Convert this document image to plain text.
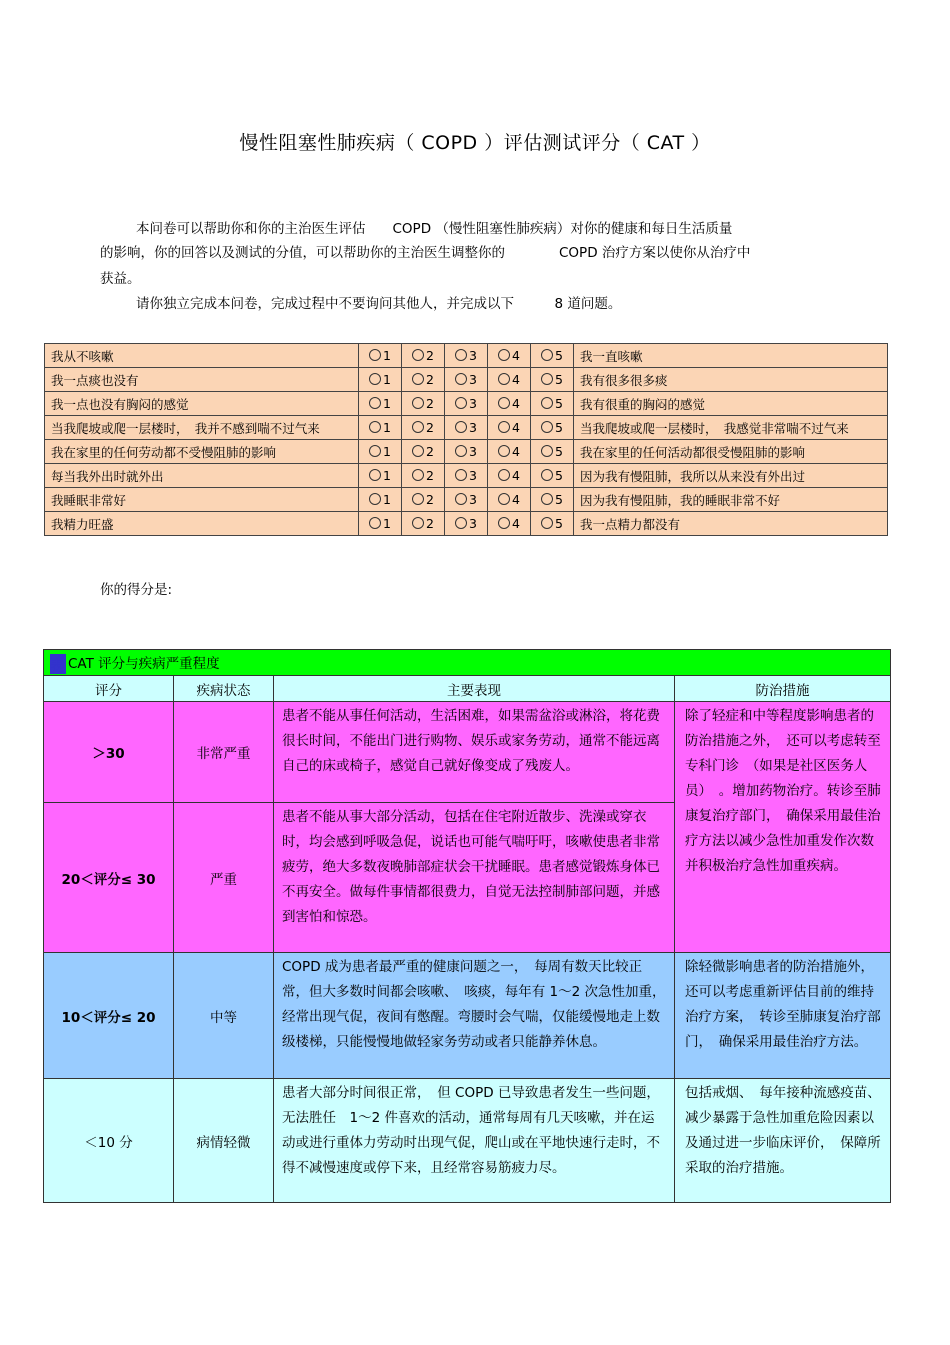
慢性阻塞性肺疾病（ COPD ）评估测试评分（ CAT ）
本问卷可以帮助你和你的主治医生评估　　COPD （慢性阻塞性肺疾病）对你的健康和每日生活质量
的影响，你的回答以及测试的分值，可以帮助你的主治医生调整你的　　　　COPD 治疗方案以使你从治疗中
获益。
请你独立完成本问卷，完成过程中不要询问其他人，并完成以下　　　8 道问题。
我从不咳嗽	1	2	3	4	5	我一直咳嗽
我一点痰也没有	1	2	3	4	5	我有很多很多痰
我一点也没有胸闷的感觉	1	2	3	4	5	我有很重的胸闷的感觉
当我爬坡或爬一层楼时，　我并不感到喘不过气来	1	2	3	4	5	当我爬坡或爬一层楼时，　我感觉非常喘不过气来
我在家里的任何劳动都不受慢阻肺的影响	1	2	3	4	5	我在家里的任何活动都很受慢阻肺的影响
每当我外出时就外出	1	2	3	4	5	因为我有慢阻肺，我所以从来没有外出过
我睡眠非常好	1	2	3	4	5	因为我有慢阻肺，我的睡眠非常不好
我精力旺盛	1	2	3	4	5	我一点精力都没有
你的得分是:
表 CAT 评分与疾病严重程度			
评分	疾病状态	主要表现	防治措施
＞30	非常严重	患者不能从事任何活动，生活困难，如果需盆浴或淋浴，将花费很长时间，不能出门进行购物、娱乐或家务劳动，通常不能远离自己的床或椅子，感觉自己就好像变成了残废人。	除了轻症和中等程度影响患者的防治措施之外，　还可以考虑转至专科门诊　（如果是社区医务人员）　。增加药物治疗。转诊至肺康复治疗部门，　确保采用最佳治疗方法以减少急性加重发作次数并积极治疗急性加重疾病。
20＜评分≤ 30	严重	患者不能从事大部分活动，包括在住宅附近散步、洗澡或穿衣时，均会感到呼吸急促，说话也可能气喘吁吁，咳嗽使患者非常疲劳，绝大多数夜晚肺部症状会干扰睡眠。患者感觉锻炼身体已不再安全。做每件事情都很费力，自觉无法控制肺部问题，并感到害怕和惊恐。	
10＜评分≤ 20	中等	COPD 成为患者最严重的健康问题之一，　每周有数天比较正常，但大多数时间都会咳嗽、　咳痰，每年有 1～2 次急性加重，经常出现气促，夜间有憋醒。弯腰时会气喘，仅能缓慢地走上数级楼梯，只能慢慢地做轻家务劳动或者只能静养休息。	除轻微影响患者的防治措施外，还可以考虑重新评估目前的维持治疗方案，　转诊至肺康复治疗部门，　确保采用最佳治疗方法。
＜10 分	病情轻微	患者大部分时间很正常，　但 COPD 已导致患者发生一些问题，无法胜任　1～2 件喜欢的活动，通常每周有几天咳嗽，并在运动或进行重体力劳动时出现气促，爬山或在平地快速行走时，不得不减慢速度或停下来，且经常容易筋疲力尽。	包括戒烟、　每年接种流感疫苗、减少暴露于急性加重危险因素以及通过进一步临床评价，　保障所采取的治疗措施。
